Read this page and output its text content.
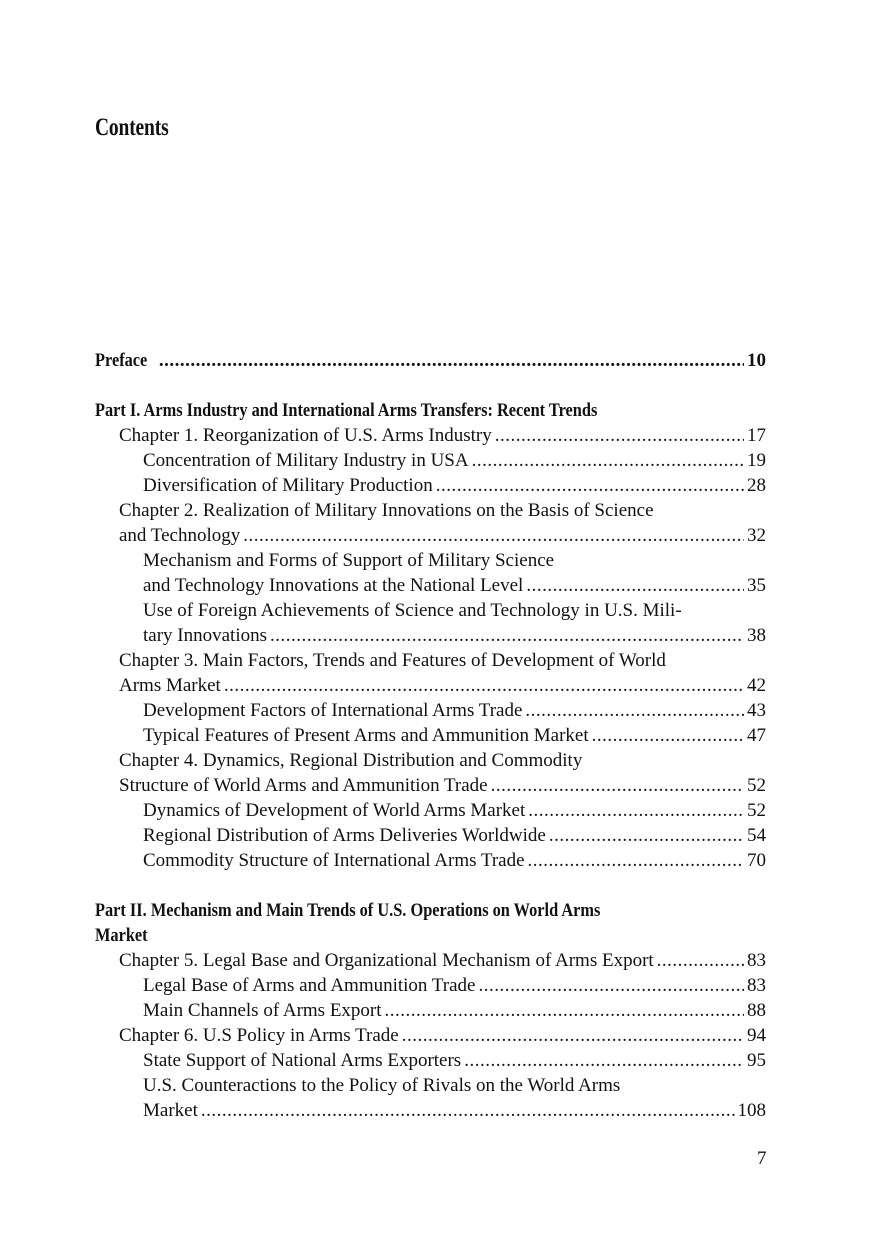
Contents
Preface .....	10
Part I. Arms Industry and International Arms Transfers: Recent Trends
Chapter 1. Reorganization of U.S. Arms Industry .....	17
Concentration of Military Industry in USA .....	19
Diversification of Military Production .....	28
Chapter 2. Realization of Military Innovations on the Basis of Science
and Technology .....	32
Mechanism and Forms of Support of Military Science
and Technology Innovations at the National Level .....	35
Use of Foreign Achievements of Science and Technology in U.S. Mili-
tary Innovations .....	38
Chapter 3. Main Factors, Trends and Features of Development of World
Arms Market .....	42
Development Factors of International Arms Trade .....	43
Typical Features of Present Arms and Ammunition Market .....	47
Chapter 4. Dynamics, Regional Distribution and Commodity
Structure of World Arms and Ammunition Trade .....	52
Dynamics of Development of World Arms Market .....	52
Regional Distribution of Arms Deliveries Worldwide .....	54
Commodity Structure of International Arms Trade .....	70
Part II. Mechanism and Main Trends of U.S. Operations on World Arms
Market
Chapter 5. Legal Base and Organizational Mechanism of Arms Export .....	83
Legal Base of Arms and Ammunition Trade .....	83
Main Channels of Arms Export .....	88
Chapter 6. U.S Policy in Arms Trade .....	94
State Support of National Arms Exporters .....	95
U.S. Counteractions to the Policy of Rivals on the World Arms
Market .....	108
7
